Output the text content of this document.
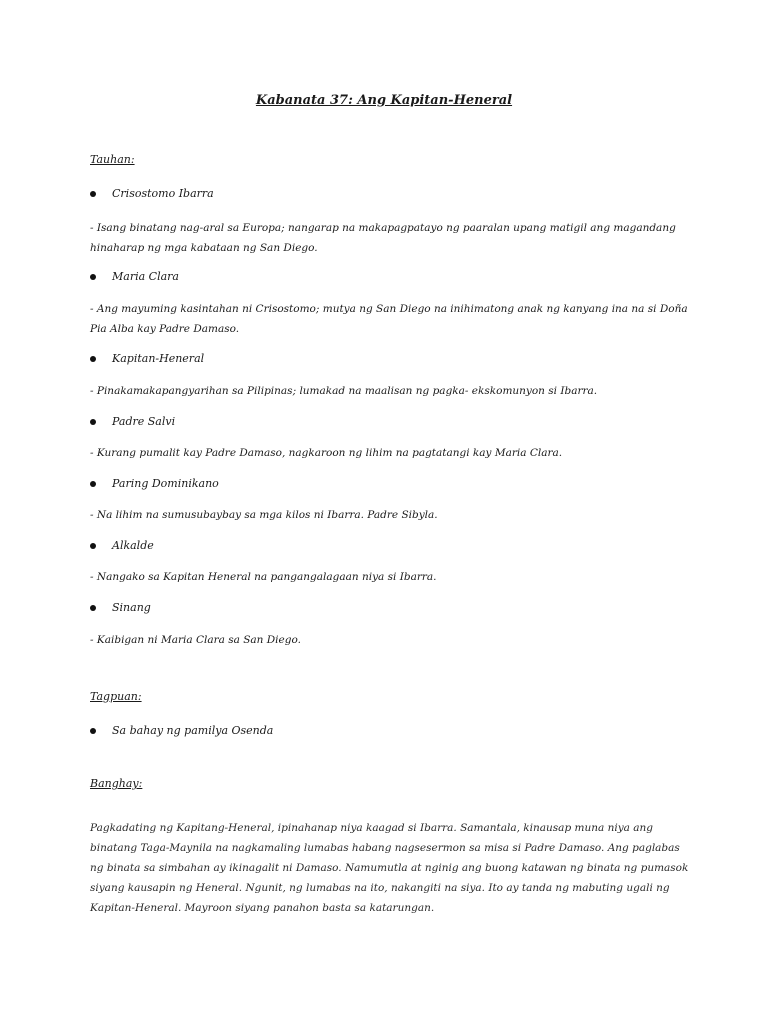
Kabanata 37: Ang Kapitan-Heneral
Tauhan:
Crisostomo Ibarra
- Isang binatang nag-aral sa Europa; nangarap na makapagpatayo ng paaralan upang matigil ang magandang hinaharap ng mga kabataan ng San Diego.
Maria Clara
- Ang mayuming kasintahan ni Crisostomo; mutya ng San Diego na inihimatong anak ng kanyang ina na si Doña Pia Alba kay Padre Damaso.
Kapitan-Heneral
- Pinakamakapangyarihan sa Pilipinas; lumakad na maalisan ng pagka- ekskomunyon si Ibarra.
Padre Salvi
- Kurang pumalit kay Padre Damaso, nagkaroon ng lihim na pagtatangi kay Maria Clara.
Paring Dominikano
- Na lihim na sumusubaybay sa mga kilos ni Ibarra. Padre Sibyla.
Alkalde
- Nangako sa Kapitan Heneral na pangangalagaan niya si Ibarra.
Sinang
- Kaibigan ni Maria Clara sa San Diego.
Tagpuan:
Sa bahay ng pamilya Osenda
Banghay:
Pagkadating ng Kapitang-Heneral, ipinahanap niya kaagad si Ibarra. Samantala, kinausap muna niya ang binatang Taga-Maynila na nagkamaling lumabas habang nagsesermon sa misa si Padre Damaso. Ang paglabas ng binata sa simbahan ay ikinagalit ni Damaso. Namumutla at nginig ang buong katawan ng binata ng pumasok siyang kausapin ng Heneral. Ngunit, ng lumabas na ito, nakangiti na siya. Ito ay tanda ng mabuting ugali ng Kapitan-Heneral. Mayroon siyang panahon basta sa katarungan.
